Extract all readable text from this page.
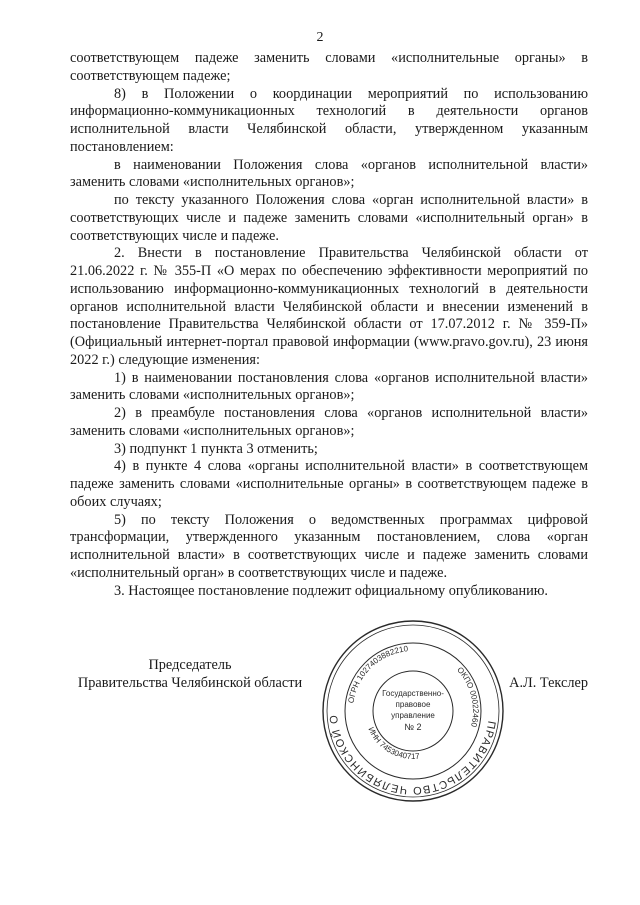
2

соответствующем падеже заменить словами «исполнительные органы» в соответствующем падеже;

8) в Положении о координации мероприятий по использованию информационно-коммуникационных технологий в деятельности органов исполнительной власти Челябинской области, утвержденном указанным постановлением:

в наименовании Положения слова «органов исполнительной власти» заменить словами «исполнительных органов»;

по тексту указанного Положения слова «орган исполнительной власти» в соответствующих числе и падеже заменить словами «исполнительный орган» в соответствующих числе и падеже.

2. Внести в постановление Правительства Челябинской области от 21.06.2022 г. № 355-П «О мерах по обеспечению эффективности мероприятий по использованию информационно-коммуникационных технологий в деятельности органов исполнительной власти Челябинской области и внесении изменений в постановление Правительства Челябинской области от 17.07.2012 г. № 359-П» (Официальный интернет-портал правовой информации (www.pravo.gov.ru), 23 июня 2022 г.) следующие изменения:

1) в наименовании постановления слова «органов исполнительной власти» заменить словами «исполнительных органов»;

2) в преамбуле постановления слова «органов исполнительной власти» заменить словами «исполнительных органов»;

3) подпункт 1 пункта 3 отменить;

4) в пункте 4 слова «органы исполнительной власти» в соответствующем падеже заменить словами «исполнительные органы» в соответствующем падеже в обоих случаях;

5) по тексту Положения о ведомственных программах цифровой трансформации, утвержденного указанным постановлением, слова «орган исполнительной власти» в соответствующих числе и падеже заменить словами «исполнительный орган» в соответствующих числе и падеже.

3. Настоящее постановление подлежит официальному опубликованию.

Председатель
Правительства Челябинской области
ПРАВИТЕЛЬСТВО ЧЕЛЯБИНСКОЙ О
ОГРН 1027403882210
ОКПО 00022460
ИНН 7453040717
Государственно-
правовое
управление
№ 2
А.Л. Текслер
